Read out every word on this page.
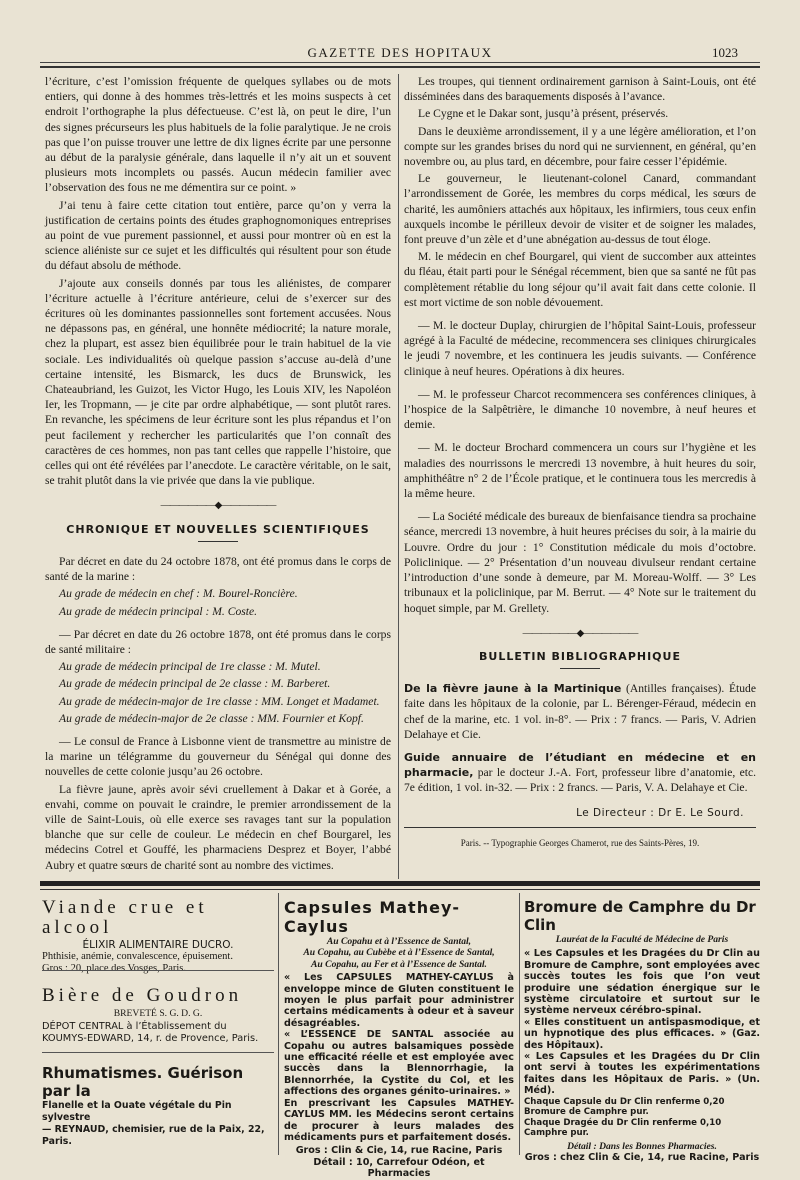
GAZETTE DES HOPITAUX	1023

l’écriture, c’est l’omission fréquente de quelques syllabes ou de mots entiers, qui donne à des hommes très-lettrés et les moins suspects à cet endroit l’orthographe la plus défectueuse. C’est là, on peut le dire, l’un des signes précurseurs les plus habituels de la folie paralytique. Je ne crois pas que l’on puisse trouver une lettre de dix lignes écrite par une personne au début de la paralysie générale, dans laquelle il n’y ait un et souvent plusieurs mots incomplets ou passés. Aucun médecin familier avec l’observation des fous ne me démentira sur ce point. »

J’ai tenu à faire cette citation tout entière, parce qu’on y verra la justification de certains points des études graphognomoniques entreprises au point de vue purement passionnel, et aussi pour montrer où en est la science aliéniste sur ce sujet et les difficultés qui résultent pour son étude du défaut absolu de méthode.

J’ajoute aux conseils donnés par tous les aliénistes, de comparer l’écriture actuelle à l’écriture antérieure, celui de s’exercer sur des écritures où les dominantes passionnelles sont fortement accusées. Nous ne dépassons pas, en général, une honnête médiocrité; la nature morale, chez la plupart, est assez bien équilibrée pour le train habituel de la vie sociale. Les individualités où quelque passion s’accuse au-delà d’une certaine intensité, les Bismarck, les ducs de Brunswick, les Chateaubriand, les Guizot, les Victor Hugo, les Louis XIV, les Napoléon Ier, les Tropmann, — je cite par ordre alphabétique, — sont plutôt rares. En revanche, les spécimens de leur écriture sont les plus répandus et l’on peut facilement y rechercher les particularités que l’on connaît des caractères de ces hommes, non pas tant celles que rappelle l’histoire, que celles qui ont été révélées par l’anecdote. Le caractère véritable, on le sait, se trahit plutôt dans la vie privée que dans la vie publique.

——————◆——————
CHRONIQUE ET NOUVELLES SCIENTIFIQUES

Par décret en date du 24 octobre 1878, ont été promus dans le corps de santé de la marine :

Au grade de médecin en chef : M. Bourel-Roncière.

Au grade de médecin principal : M. Coste.

— Par décret en date du 26 octobre 1878, ont été promus dans le corps de santé militaire :

Au grade de médecin principal de 1re classe : M. Mutel.

Au grade de médecin principal de 2e classe : M. Barberet.

Au grade de médecin-major de 1re classe : MM. Longet et Madamet.

Au grade de médecin-major de 2e classe : MM. Fournier et Kopf.

— Le consul de France à Lisbonne vient de transmettre au ministre de la marine un télégramme du gouverneur du Sénégal qui donne des nouvelles de cette colonie jusqu’au 26 octobre.

La fièvre jaune, après avoir sévi cruellement à Dakar et à Gorée, a envahi, comme on pouvait le craindre, le premier arrondissement de la ville de Saint-Louis, où elle exerce ses ravages tant sur la population blanche que sur celle de couleur. Le médecin en chef Bourgarel, les médecins Cotrel et Gouffé, les pharmaciens Desprez et Boyer, l’abbé Aubry et quatre sœurs de charité sont au nombre des victimes.

Les troupes, qui tiennent ordinairement garnison à Saint-Louis, ont été disséminées dans des baraquements disposés à l’avance.

Le Cygne et le Dakar sont, jusqu’à présent, préservés.

Dans le deuxième arrondissement, il y a une légère amélioration, et l’on compte sur les grandes brises du nord qui ne surviennent, en général, qu’en novembre ou, au plus tard, en décembre, pour faire cesser l’épidémie.

Le gouverneur, le lieutenant-colonel Canard, commandant l’arrondissement de Gorée, les membres du corps médical, les sœurs de charité, les aumôniers attachés aux hôpitaux, les infirmiers, tous ceux enfin auxquels incombe le périlleux devoir de visiter et de soigner les malades, font preuve d’un zèle et d’une abnégation au-dessus de tout éloge.

M. le médecin en chef Bourgarel, qui vient de succomber aux atteintes du fléau, était parti pour le Sénégal récemment, bien que sa santé ne fût pas complètement rétablie du long séjour qu’il avait fait dans cette colonie. Il est mort victime de son noble dévouement.

— M. le docteur Duplay, chirurgien de l’hôpital Saint-Louis, professeur agrégé à la Faculté de médecine, recommencera ses cliniques chirurgicales le jeudi 7 novembre, et les continuera les jeudis suivants. — Conférence clinique à neuf heures. Opérations à dix heures.

— M. le professeur Charcot recommencera ses conférences cliniques, à l’hospice de la Salpêtrière, le dimanche 10 novembre, à neuf heures et demie.

— M. le docteur Brochard commencera un cours sur l’hygiène et les maladies des nourrissons le mercredi 13 novembre, à huit heures du soir, amphithéâtre n° 2 de l’École pratique, et le continuera tous les mercredis à la même heure.

— La Société médicale des bureaux de bienfaisance tiendra sa prochaine séance, mercredi 13 novembre, à huit heures précises du soir, à la mairie du Louvre. Ordre du jour : 1° Constitution médicale du mois d’octobre. Policlinique. — 2° Présentation d’un nouveau divulseur rendant certaine l’introduction d’une sonde à demeure, par M. Moreau-Wolff. — 3° Les tribunaux et la policlinique, par M. Berrut. — 4° Note sur le traitement du hoquet simple, par M. Grellety.

——————◆——————
BULLETIN BIBLIOGRAPHIQUE

De la fièvre jaune à la Martinique (Antilles françaises). Étude faite dans les hôpitaux de la colonie, par L. Bérenger-Féraud, médecin en chef de la marine, etc. 1 vol. in-8°. — Prix : 7 francs. — Paris, V. Adrien Delahaye et Cie.

Guide annuaire de l’étudiant en médecine et en pharmacie, par le docteur J.-A. Fort, professeur libre d’anatomie, etc. 7e édition, 1 vol. in-32. — Prix : 2 francs. — Paris, V. A. Delahaye et Cie.

Le Directeur : Dr E. Le Sourd.
Paris. -- Typographie Georges Chamerot, rue des Saints-Pères, 19.
Viande crue et alcool

ÉLIXIR ALIMENTAIRE DUCRO.

Phthisie, anémie, convalescence, épuisement.

Gros : 20, place des Vosges, Paris.

Bière de Goudron

BREVETÉ S. G. D. G.

DÉPOT CENTRAL à l’Établissement du

KOUMYS-EDWARD, 14, r. de Provence, Paris.

Rhumatismes. Guérison par la

Flanelle et la Ouate végétale du Pin sylvestre

— REYNAUD, chemisier, rue de la Paix, 22, Paris.

Capsules Mathey-Caylus

Au Copahu et à l’Essence de Santal,

Au Copahu, au Cubèbe et à l’Essence de Santal,

Au Copahu, au Fer et à l’Essence de Santal.

« Les CAPSULES MATHEY-CAYLUS à enveloppe mince de Gluten constituent le moyen le plus parfait pour administrer certains médicaments à odeur et à saveur désagréables.

« L’ESSENCE DE SANTAL associée au Copahu ou autres balsamiques possède une efficacité réelle et est employée avec succès dans la Blennorrhagie, la Blennorrhée, la Cystite du Col, et les affections des organes génito-urinaires. »

En prescrivant les Capsules MATHEY-CAYLUS MM. les Médecins seront certains de procurer à leurs malades des médicaments purs et parfaitement dosés.

Gros : Clin & Cie, 14, rue Racine, Paris

Détail : 10, Carrefour Odéon, et Pharmacies

Bromure de Camphre du Dr Clin

Lauréat de la Faculté de Médecine de Paris

« Les Capsules et les Dragées du Dr Clin au Bromure de Camphre, sont employées avec succès toutes les fois que l’on veut produire une sédation énergique sur le système circulatoire et surtout sur le système nerveux cérébro-spinal.

« Elles constituent un antispasmodique, et un hypnotique des plus efficaces. » (Gaz. des Hôpitaux).

« Les Capsules et les Dragées du Dr Clin ont servi à toutes les expérimentations faites dans les Hôpitaux de Paris. » (Un. Méd).

Chaque Capsule du Dr Clin renferme 0,20 Bromure de Camphre pur.

Chaque Dragée du Dr Clin renferme 0,10 Camphre pur.

Détail : Dans les Bonnes Pharmacies.

Gros : chez Clin & Cie, 14, rue Racine, Paris
